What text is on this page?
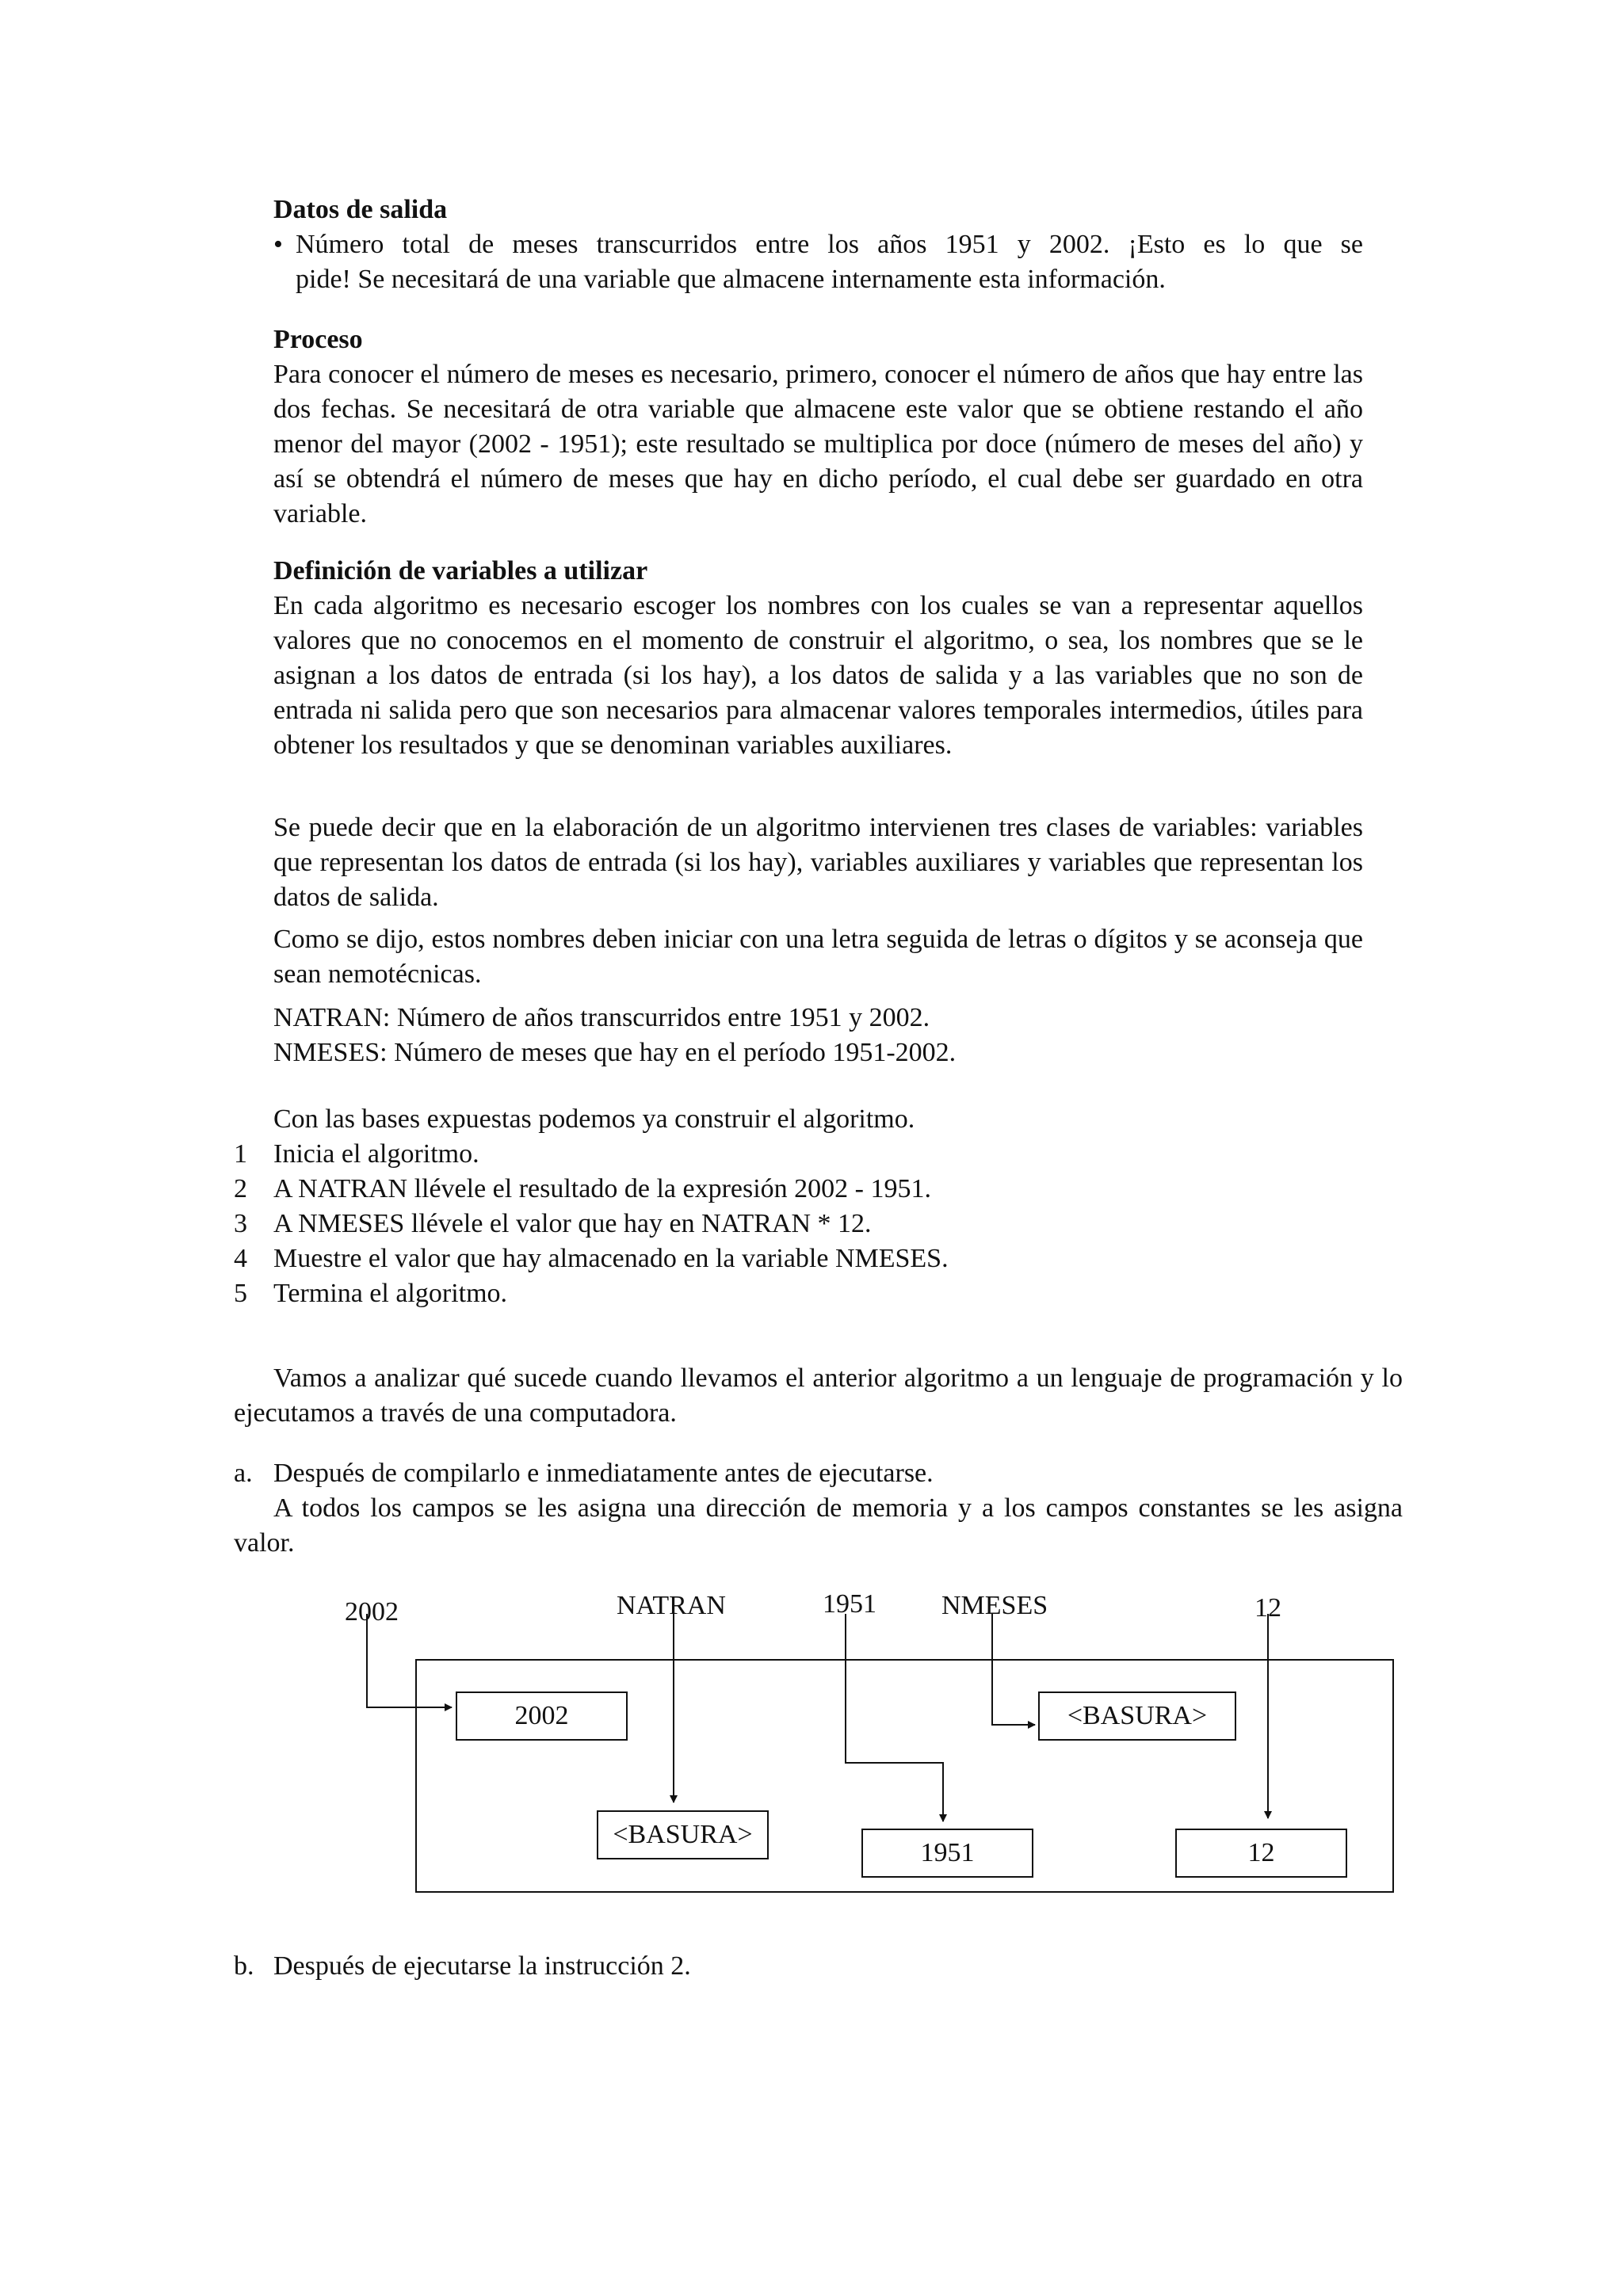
Datos de salida
• Número total de meses transcurridos entre los años 1951 y 2002. ¡Esto es lo que se
pide! Se necesitará de una variable que almacene internamente esta información.
Proceso
Para conocer el número de meses es necesario, primero, conocer el número de años que hay entre las dos fechas. Se necesitará de otra variable que almacene este valor que se obtiene restando el año menor del mayor (2002 - 1951); este resultado se multiplica por doce (número de meses del año) y así se obtendrá el número de meses que hay en dicho período, el cual debe ser guardado en otra variable.
Definición de variables a utilizar
En cada algoritmo es necesario escoger los nombres con los cuales se van a representar aquellos valores que no conocemos en el momento de construir el algoritmo, o sea, los nombres que se le asignan a los datos de entrada (si los hay), a los datos de salida y a las variables que no son de entrada ni salida pero que son necesarios para almacenar valores temporales intermedios, útiles para obtener los resultados y que se denominan variables auxiliares.
Se puede decir que en la elaboración de un algoritmo intervienen tres clases de variables: variables que representan los datos de entrada (si los hay), variables auxiliares y variables que representan los datos de salida.
Como se dijo, estos nombres deben iniciar con una letra seguida de letras o dígitos y se aconseja que sean nemotécnicas.
NATRAN: Número de años transcurridos entre 1951 y 2002.
NMESES: Número de meses que hay en el período 1951-2002.
Con las bases expuestas podemos ya construir el algoritmo.
1 Inicia el algoritmo.
2 A NATRAN llévele el resultado de la expresión 2002 - 1951.
3 A NMESES llévele el valor que hay en NATRAN * 12.
4 Muestre el valor que hay almacenado en la variable NMESES.
5 Termina el algoritmo.
Vamos a analizar qué sucede cuando llevamos el anterior algoritmo a un lenguaje de programación y lo ejecutamos a través de una computadora.
a. Después de compilarlo e inmediatamente antes de ejecutarse.
A todos los campos se les asigna una dirección de memoria y a los campos constantes se les asigna valor.
2002	NATRAN	1951 NMESES	12
2002
<BASURA>
1951
<BASURA>
12
b. Después de ejecutarse la instrucción 2.
